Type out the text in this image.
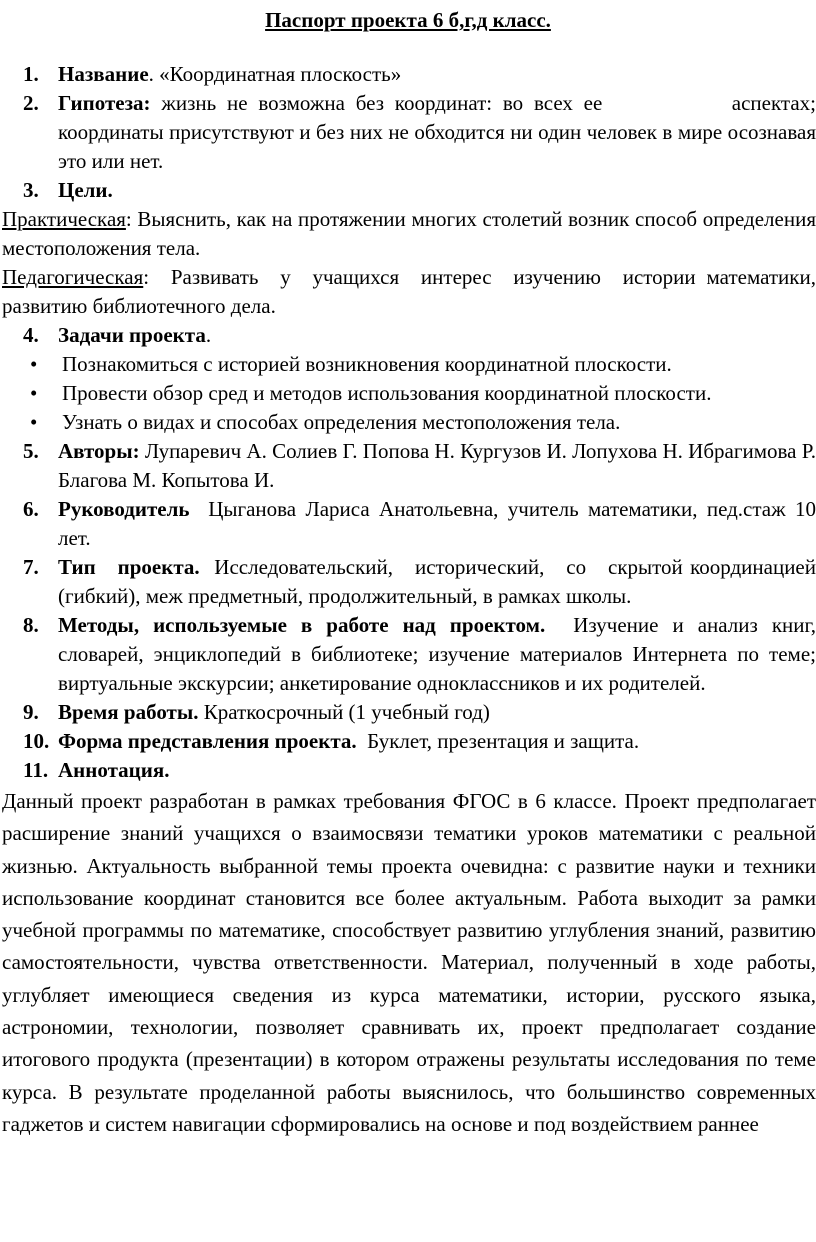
Паспорт проекта 6 б,г,д класс.
1. Название. «Координатная плоскость»
2. Гипотеза: жизнь не возможна без координат: во всех ее            аспектах; координаты присутствуют и без них не обходится ни один человек в мире осознавая это или нет.
3. Цели.
Практическая: Выяснить, как на протяжении многих столетий возник способ определения местоположения тела.
Педагогическая:  Развивать  у  учащихся  интерес  изучению  истории математики, развитию библиотечного дела.
4. Задачи проекта.
• Познакомиться с историей возникновения координатной плоскости.
• Провести обзор сред и методов использования координатной плоскости.
• Узнать о видах и способах определения местоположения тела.
5. Авторы: Лупаревич А. Солиев Г. Попова Н. Кургузов И. Лопухова Н. Ибрагимова Р. Благова М. Копытова И.
6. Руководитель  Цыганова Лариса Анатольевна, учитель математики, пед.стаж 10 лет.
7. Тип   проекта.  Исследовательский,   исторический,   со   скрытой координацией (гибкий), меж предметный, продолжительный, в рамках школы.
8. Методы, используемые в работе над проектом.  Изучение и анализ книг, словарей, энциклопедий в библиотеке; изучение материалов Интернета по теме; виртуальные экскурсии; анкетирование одноклассников и их родителей.
9. Время работы. Краткосрочный (1 учебный год)
10. Форма представления проекта.  Буклет, презентация и защита.
11. Аннотация.
Данный проект разработан в рамках требования ФГОС в 6 классе. Проект предполагает расширение знаний учащихся о взаимосвязи тематики уроков математики с реальной жизнью. Актуальность выбранной темы проекта очевидна: с развитие науки и техники использование координат становится все более актуальным. Работа выходит за рамки учебной программы по математике, способствует развитию углубления знаний, развитию самостоятельности, чувства ответственности. Материал, полученный в ходе работы, углубляет имеющиеся сведения из курса математики, истории, русского языка, астрономии, технологии, позволяет сравнивать их, проект предполагает создание итогового продукта (презентации) в котором отражены результаты исследования по теме курса. В результате проделанной работы выяснилось, что большинство современных гаджетов и систем навигации сформировались на основе и под воздействием раннее
